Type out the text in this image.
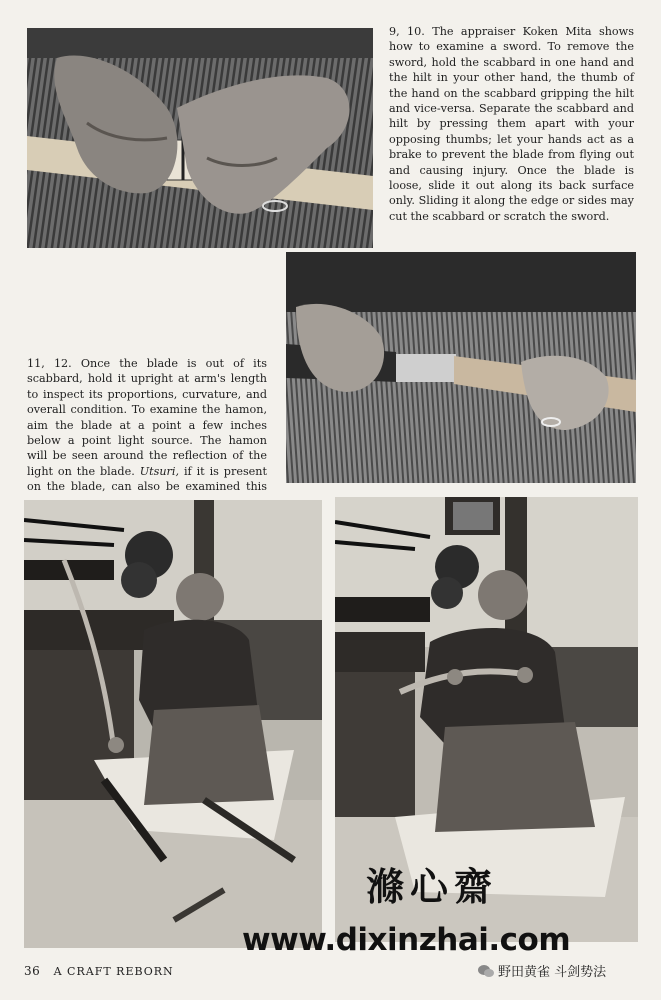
9, 10. The appraiser Koken Mita shows how to examine a sword. To remove the sword, hold the scabbard in one hand and the hilt in your other hand, the thumb of the hand on the scabbard gripping the hilt and vice-versa. Separate the scabbard and hilt by pressing them apart with your opposing thumbs; let your hands act as a brake to prevent the blade from flying out and causing injury. Once the blade is loose, slide it out along its back surface only. Sliding it along the edge or sides may cut the scabbard or scratch the sword.

11, 12. Once the blade is out of its scabbard, hold it upright at arm's length to inspect its proportions, curvature, and overall condition. To examine the hamon, aim the blade at a point a few inches below a point light source. The hamon will be seen around the reflection of the light on the blade. Utsuri, if it is present on the blade, can also be examined this

36 A CRAFT REBORN
滌心齋
www.dixinzhai.com
野田黄雀 斗剑势法
